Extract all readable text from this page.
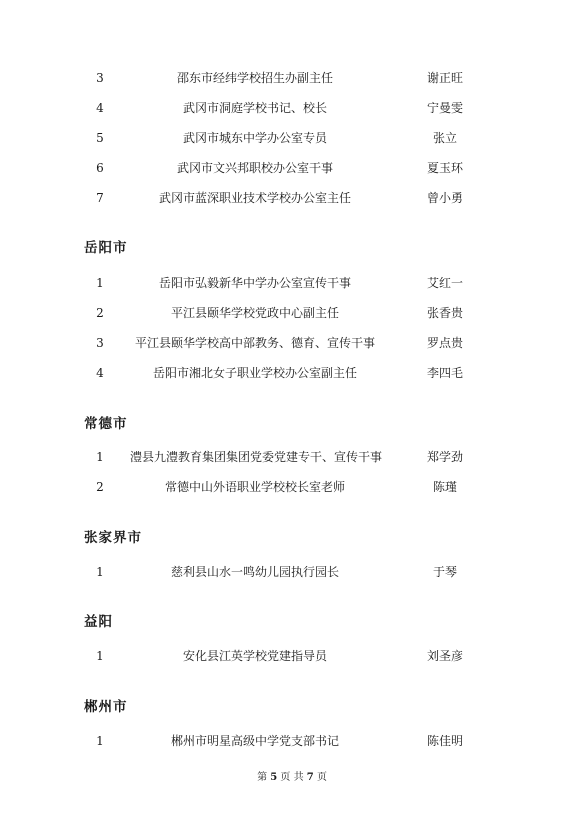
3	邵东市经纬学校招生办副主任	谢正旺
4	武冈市洞庭学校书记、校长	宁曼雯
5	武冈市城东中学办公室专员	张立
6	武冈市文兴邦职校办公室干事	夏玉环
7	武冈市蓝深职业技术学校办公室主任	曾小勇
岳阳市
1	岳阳市弘毅新华中学办公室宣传干事	艾红一
2	平江县颐华学校党政中心副主任	张香贵
3	平江县颐华学校高中部教务、德育、宣传干事	罗点贵
4	岳阳市湘北女子职业学校办公室副主任	李四毛
常德市
1	澧县九澧教育集团集团党委党建专干、宣传干事	郑学劲
2	常德中山外语职业学校校长室老师	陈瑾
张家界市
1	慈利县山水一鸣幼儿园执行园长	于琴
益阳
1	安化县江英学校党建指导员	刘圣彦
郴州市
1	郴州市明星高级中学党支部书记	陈佳明
第 5 页 共 7 页
